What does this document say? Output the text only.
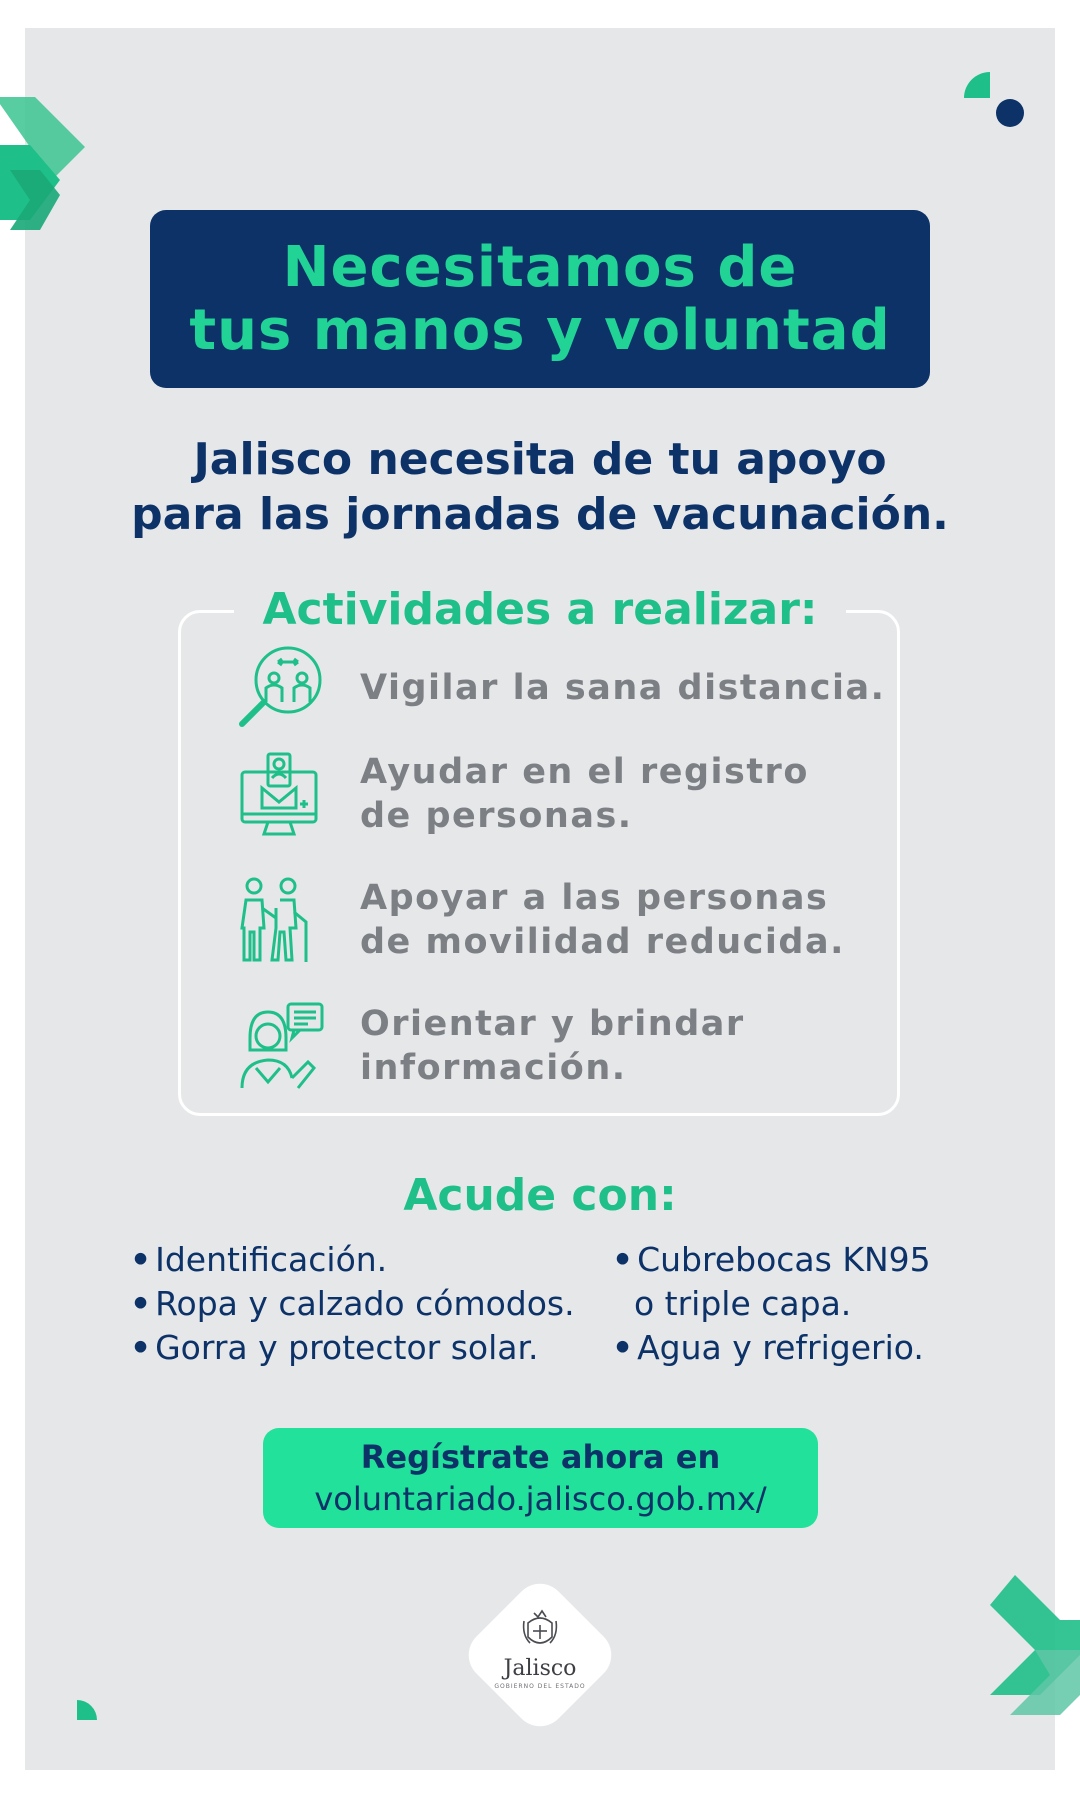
Necesitamos de
tus manos y voluntad
Jalisco necesita de tu apoyo
para las jornadas de vacunación.
Actividades a realizar:
Vigilar la sana distancia.
Ayudar en el registro
de personas.
Apoyar a las personas
de movilidad reducida.
Orientar y brindar
información.
Acude con:
• Identificación.
• Ropa y calzado cómodos.
• Gorra y protector solar.
• Cubrebocas KN95
o triple capa.
• Agua y refrigerio.
Regístrate ahora en
voluntariado.jalisco.gob.mx/
Jalisco
GOBIERNO DEL ESTADO
